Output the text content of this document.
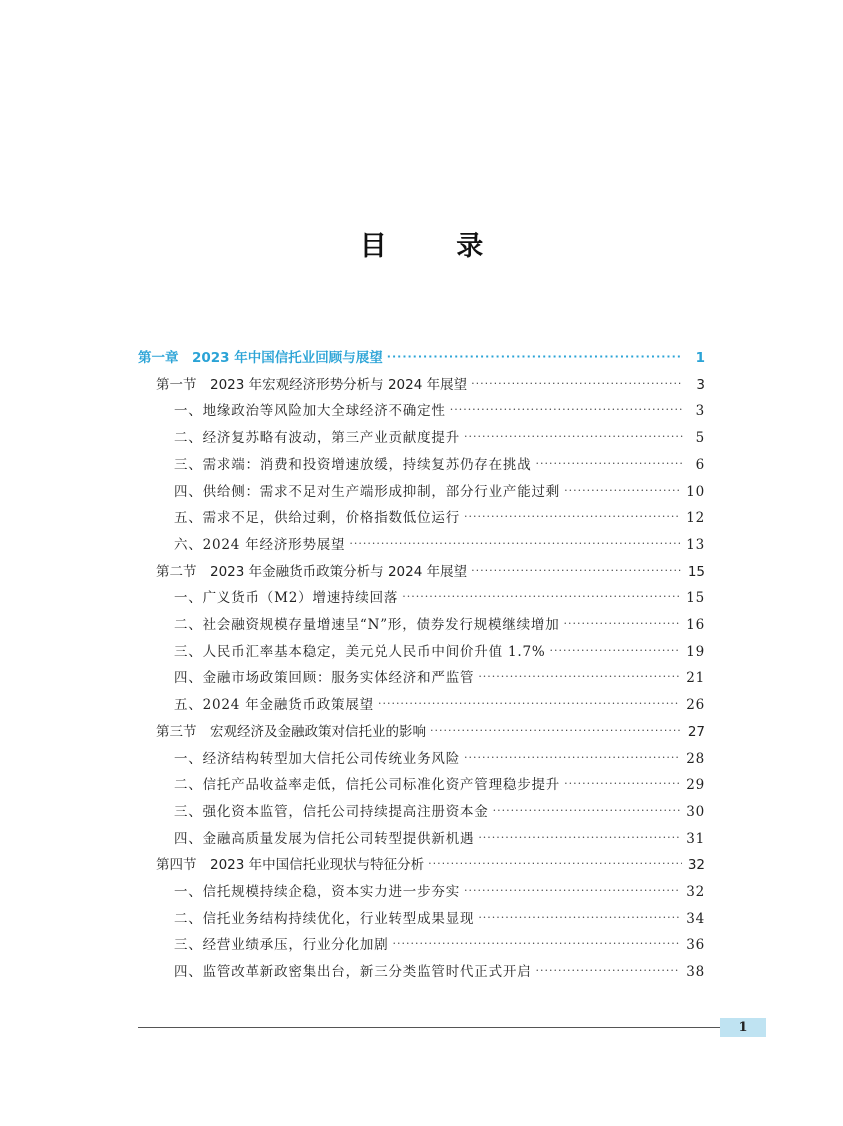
目 录
第一章　2023 年中国信托业回顾与展望 ·····	1
第一节　2023 年宏观经济形势分析与 2024 年展望 ·····	3
一、地缘政治等风险加大全球经济不确定性 ·····	3
二、经济复苏略有波动，第三产业贡献度提升 ·····	5
三、需求端：消费和投资增速放缓，持续复苏仍存在挑战 ·····	6
四、供给侧：需求不足对生产端形成抑制，部分行业产能过剩 ·····	10
五、需求不足，供给过剩，价格指数低位运行 ·····	12
六、2024 年经济形势展望 ·····	13
第二节　2023 年金融货币政策分析与 2024 年展望 ·····	15
一、广义货币（M2）增速持续回落 ·····	15
二、社会融资规模存量增速呈“N”形，债券发行规模继续增加 ·····	16
三、人民币汇率基本稳定，美元兑人民币中间价升值 1.7% ·····	19
四、金融市场政策回顾：服务实体经济和严监管 ·····	21
五、2024 年金融货币政策展望 ·····	26
第三节　宏观经济及金融政策对信托业的影响 ·····	27
一、经济结构转型加大信托公司传统业务风险 ·····	28
二、信托产品收益率走低，信托公司标准化资产管理稳步提升 ·····	29
三、强化资本监管，信托公司持续提高注册资本金 ·····	30
四、金融高质量发展为信托公司转型提供新机遇 ·····	31
第四节　2023 年中国信托业现状与特征分析 ·····	32
一、信托规模持续企稳，资本实力进一步夯实 ·····	32
二、信托业务结构持续优化，行业转型成果显现 ·····	34
三、经营业绩承压，行业分化加剧 ·····	36
四、监管改革新政密集出台，新三分类监管时代正式开启 ·····	38
1
